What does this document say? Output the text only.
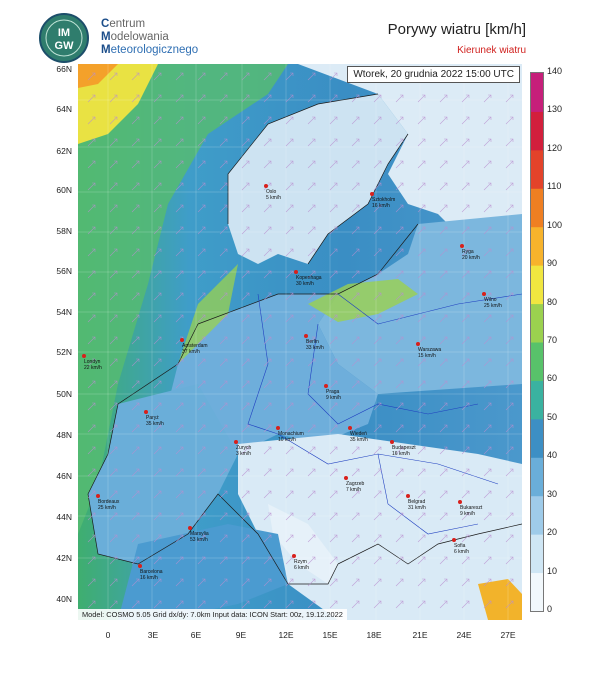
IM
GW
Centrum
Modelowania
Meteorologicznego
Porywy wiatru [km/h]
Kierunek wiatru
66N
64N
62N
60N
58N
56N
54N
52N
50N
48N
46N
44N
42N
40N
0	3E	6E	9E	12E	15E	18E	21E	24E	27E
Wtorek, 20 grudnia 2022 15:00 UTC
Oslo
5 km/h	Sztokholm
16 km/h
Ryga
20 km/h
Kopenhaga
30 km/h
Wilno
25 km/h
Amsterdam
37 km/h
Berlin
33 km/h	Warszawa
15 km/h
Londyn
22 km/h
Praga
9 km/h
Paryż
35 km/h
Monachium
10 km/h
Wiedeń
35 km/h
Budapeszt
16 km/h
Zurych
3 km/h
Zagrzeb
7 km/h
Bordeaux
25 km/h
Belgrad
31 km/h	Bukareszt
9 km/h
Marsylia
53 km/h
Sofia
6 km/h
Rzym
6 km/h
Barcelona
16 km/h
Model: COSMO 5.05 Grid dx/dy: 7.0km Input data: ICON Start: 00z, 19.12.2022
140
130
120
110
100
90
80
70
60
50
40
30
20
10
0
